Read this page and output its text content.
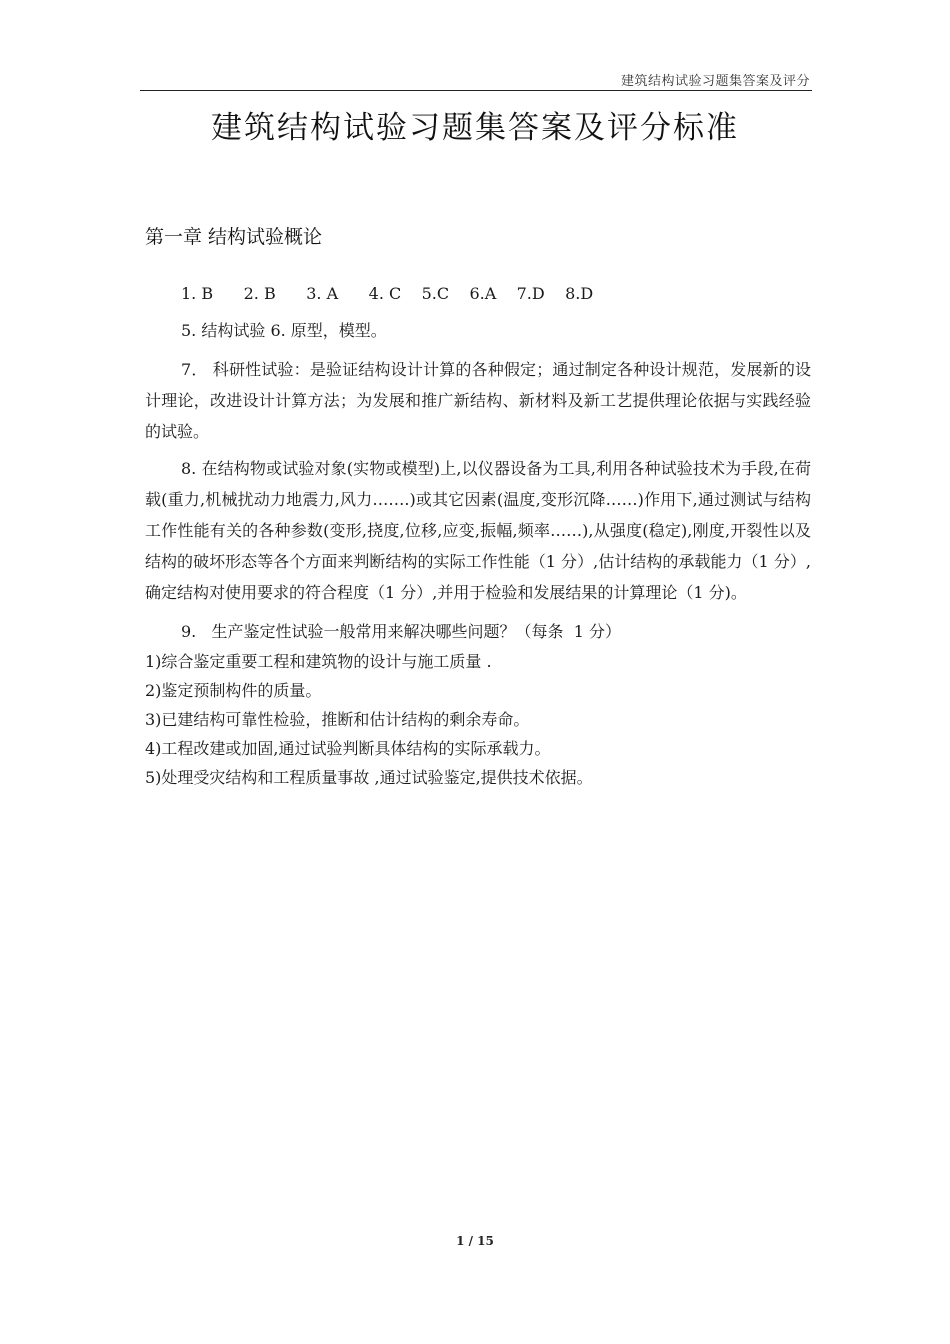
建筑结构试验习题集答案及评分
建筑结构试验习题集答案及评分标准
第一章 结构试验概论
1. B      2. B      3. A      4. C    5.C    6.A    7.D    8.D
5. 结构试验 6. 原型，模型。
7． 科研性试验：是验证结构设计计算的各种假定；通过制定各种设计规范，发展新的设计理论，改进设计计算方法；为发展和推广新结构、新材料及新工艺提供理论依据与实践经验的试验。
8. 在结构物或试验对象(实物或模型)上,以仪器设备为工具,利用各种试验技术为手段,在荷载(重力,机械扰动力地震力,风力…….)或其它因素(温度,变形沉降……)作用下,通过测试与结构工作性能有关的各种参数(变形,挠度,位移,应变,振幅,频率……),从强度(稳定),刚度,开裂性以及结构的破坏形态等各个方面来判断结构的实际工作性能（1 分）,估计结构的承载能力（1 分）,确定结构对使用要求的符合程度（1 分）,并用于检验和发展结果的计算理论（1 分)。
9.   生产鉴定性试验一般常用来解决哪些问题？（每条  1 分）
1)综合鉴定重要工程和建筑物的设计与施工质量 .
2)鉴定预制构件的质量。
3)已建结构可靠性检验，推断和估计结构的剩余寿命。
4)工程改建或加固,通过试验判断具体结构的实际承载力。
5)处理受灾结构和工程质量事故 ,通过试验鉴定,提供技术依据。
1 / 15
